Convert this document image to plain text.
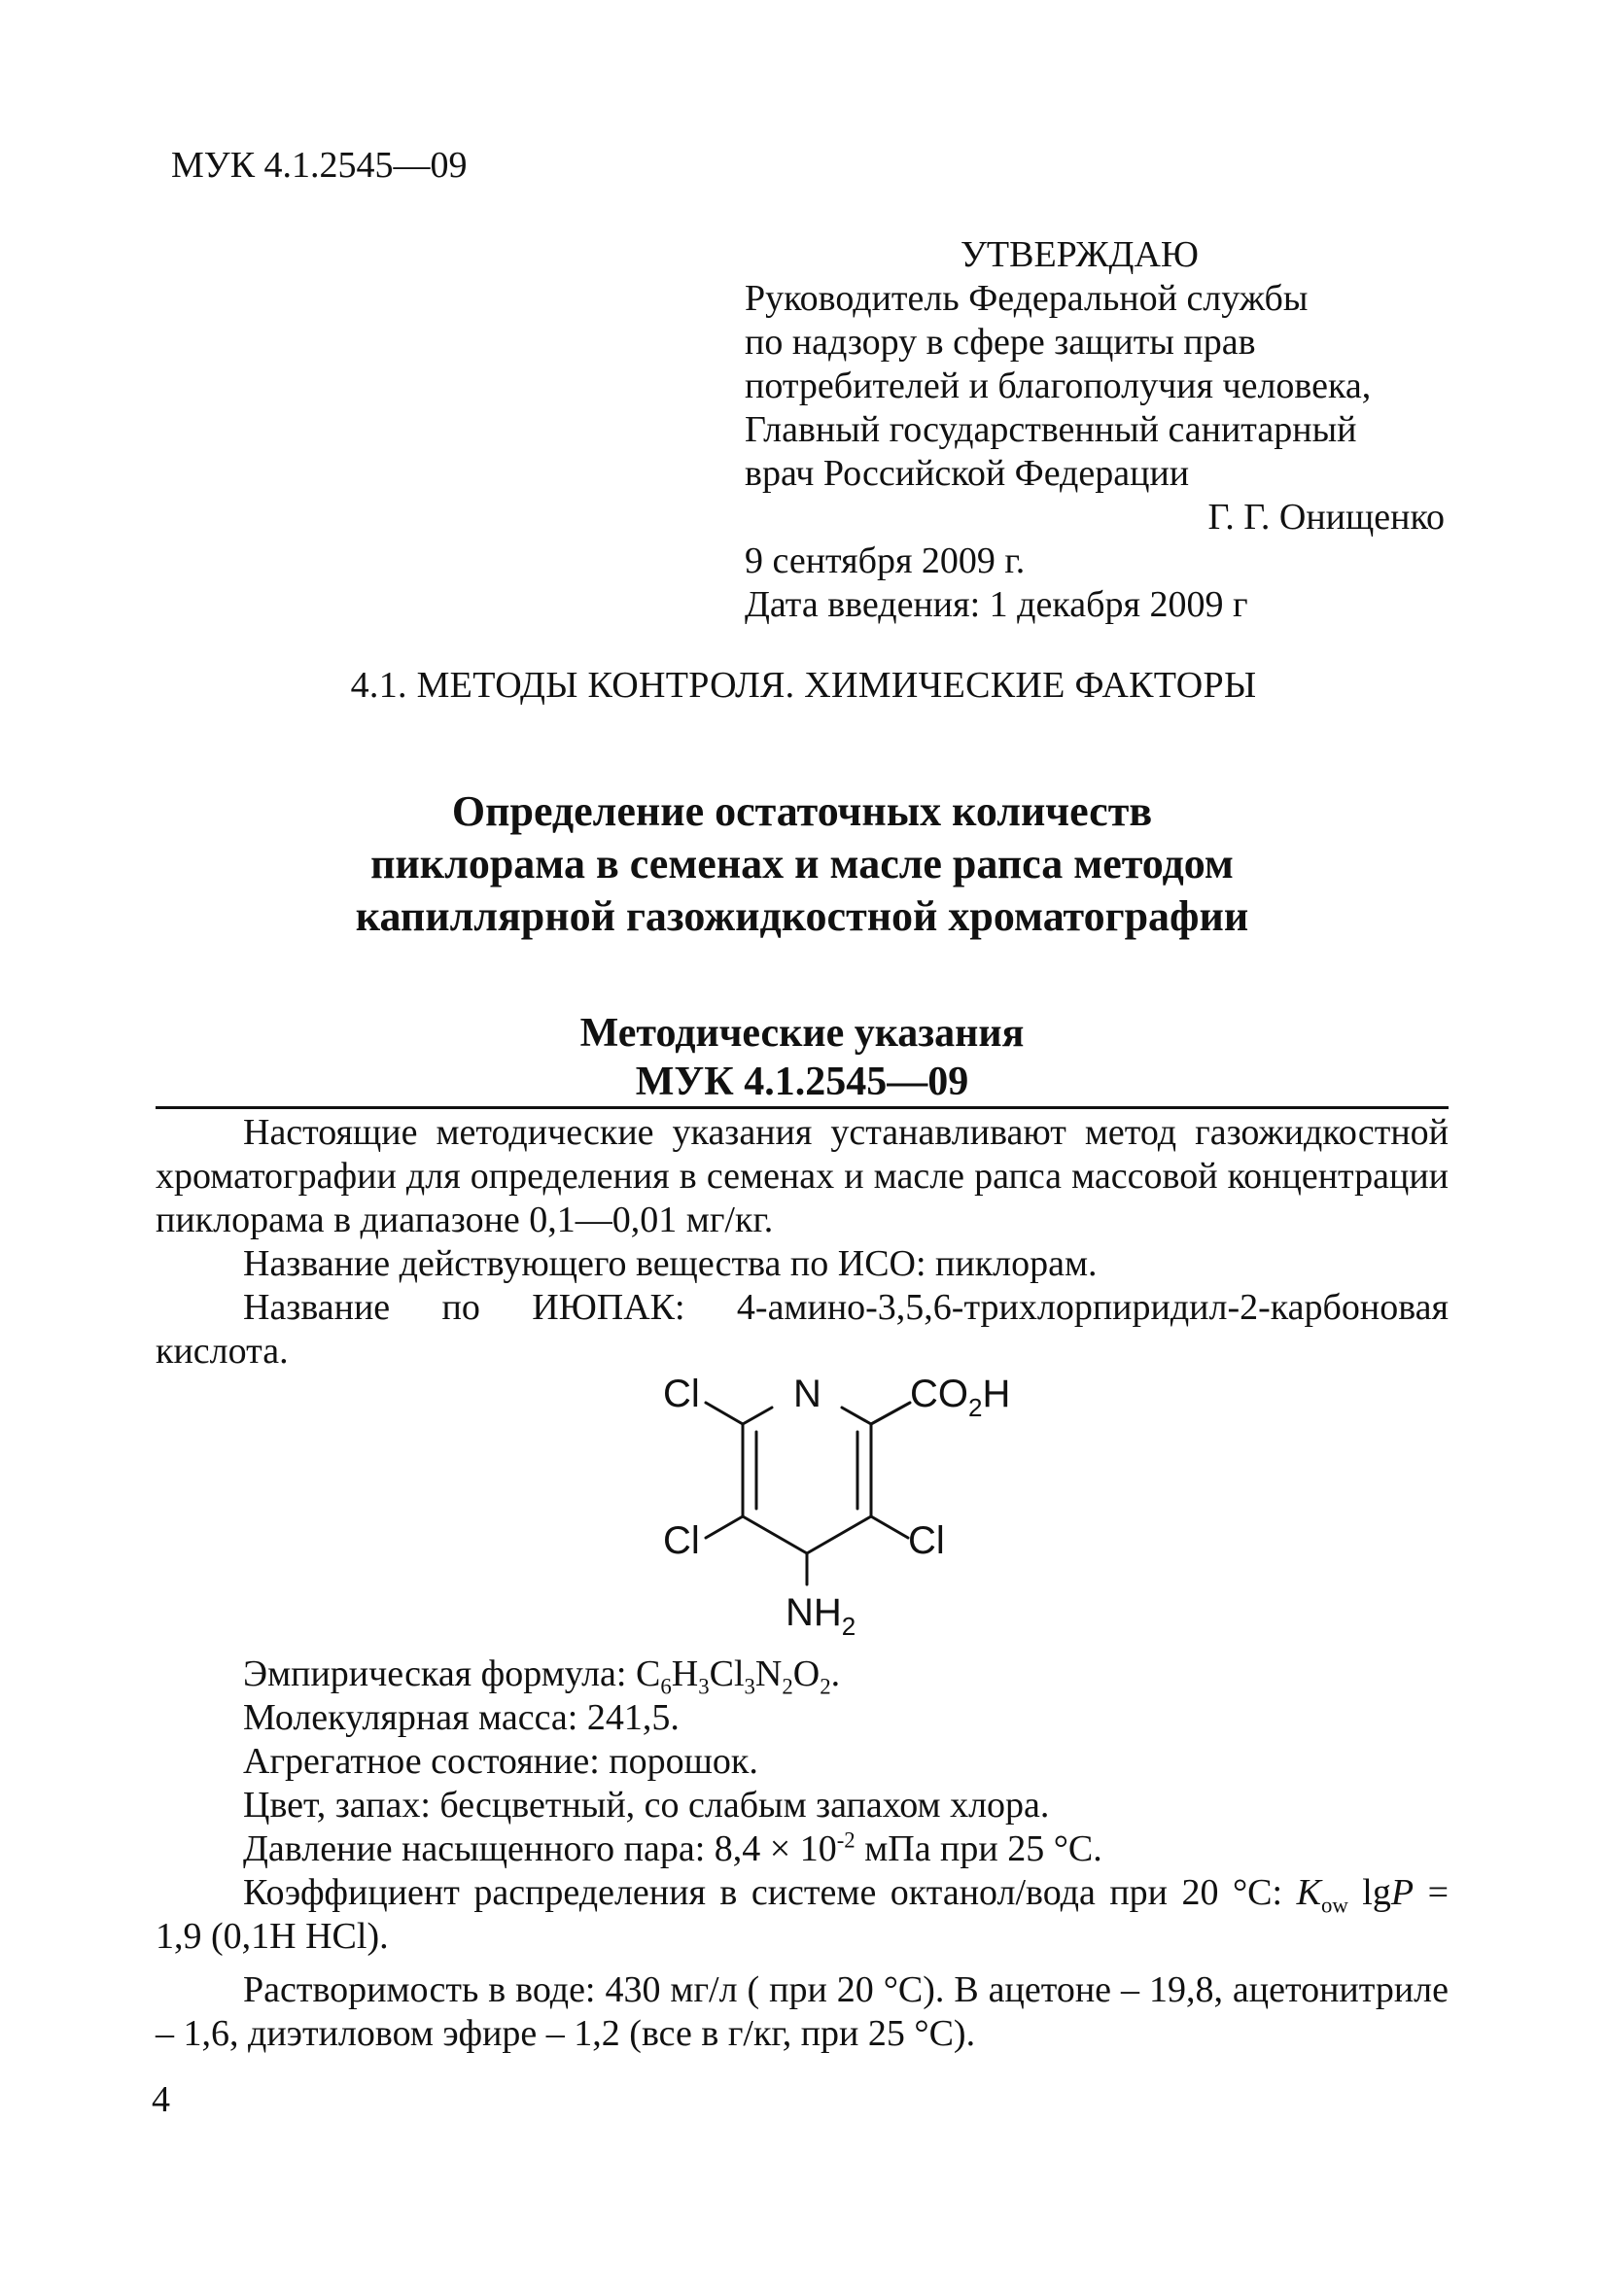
МУК 4.1.2545—09
УТВЕРЖДАЮ
Руководитель Федеральной службы
по надзору в сфере защиты прав
потребителей и благополучия человека,
Главный государственный санитарный
врач Российской Федерации
Г. Г. Онищенко
9 сентября 2009 г.
Дата введения: 1 декабря 2009 г
4.1. МЕТОДЫ КОНТРОЛЯ. ХИМИЧЕСКИЕ ФАКТОРЫ
Определение остаточных количеств
пиклорама в семенах и масле рапса методом
капиллярной газожидкостной хроматографии
Методические указания
МУК 4.1.2545—09

Настоящие методические указания устанавливают метод газожидкостной хроматографии для определения в семенах и масле рапса массовой концентрации пиклорама в диапазоне 0,1—0,01 мг/кг.

Название действующего вещества по ИСО: пиклорам.

Название по ИЮПАК: 4-амино-3,5,6-трихлорпиридил-2-карбоновая кислота.

Cl N $CO_2H$
Cl	Cl
$NH_2$

Эмпирическая формула: $C_6H_3Cl_3N_2O_2$.

Молекулярная масса: 241,5.

Агрегатное состояние: порошок.

Цвет, запах: бесцветный, со слабым запахом хлора.

Давление насыщенного пара: $8,4 \times 10^{-2}$ мПа при 25 °С.

Коэффициент распределения в системе октанол/вода при 20 °С: $K_{ow}$ lgP = 1,9 (0,1Н HCl).

Растворимость в воде: 430 мг/л ( при 20 °С). В ацетоне – 19,8, ацетонитриле – 1,6, диэтиловом эфире – 1,2 (все в г/кг, при 25 °С).

4
